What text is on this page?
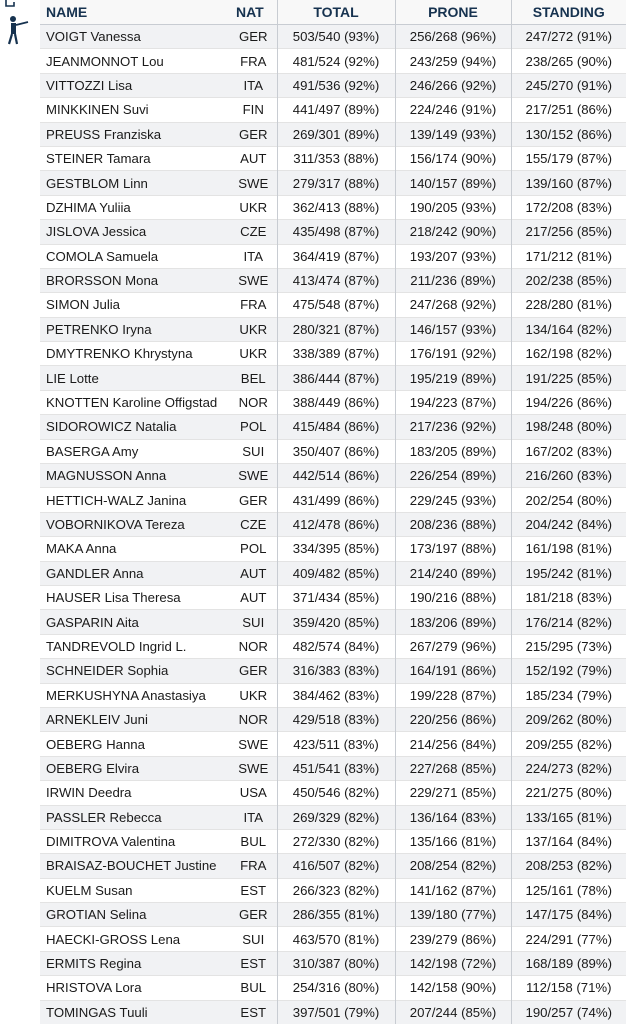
NAME	NAT	TOTAL	PRONE	STANDING
VOIGT Vanessa	GER	503/540 (93%)	256/268 (96%)	247/272 (91%)
JEANMONNOT Lou	FRA	481/524 (92%)	243/259 (94%)	238/265 (90%)
VITTOZZI Lisa	ITA	491/536 (92%)	246/266 (92%)	245/270 (91%)
MINKKINEN Suvi	FIN	441/497 (89%)	224/246 (91%)	217/251 (86%)
PREUSS Franziska	GER	269/301 (89%)	139/149 (93%)	130/152 (86%)
STEINER Tamara	AUT	311/353 (88%)	156/174 (90%)	155/179 (87%)
GESTBLOM Linn	SWE	279/317 (88%)	140/157 (89%)	139/160 (87%)
DZHIMA Yuliia	UKR	362/413 (88%)	190/205 (93%)	172/208 (83%)
JISLOVA Jessica	CZE	435/498 (87%)	218/242 (90%)	217/256 (85%)
COMOLA Samuela	ITA	364/419 (87%)	193/207 (93%)	171/212 (81%)
BRORSSON Mona	SWE	413/474 (87%)	211/236 (89%)	202/238 (85%)
SIMON Julia	FRA	475/548 (87%)	247/268 (92%)	228/280 (81%)
PETRENKO Iryna	UKR	280/321 (87%)	146/157 (93%)	134/164 (82%)
DMYTRENKO Khrystyna	UKR	338/389 (87%)	176/191 (92%)	162/198 (82%)
LIE Lotte	BEL	386/444 (87%)	195/219 (89%)	191/225 (85%)
KNOTTEN Karoline Offigstad	NOR	388/449 (86%)	194/223 (87%)	194/226 (86%)
SIDOROWICZ Natalia	POL	415/484 (86%)	217/236 (92%)	198/248 (80%)
BASERGA Amy	SUI	350/407 (86%)	183/205 (89%)	167/202 (83%)
MAGNUSSON Anna	SWE	442/514 (86%)	226/254 (89%)	216/260 (83%)
HETTICH-WALZ Janina	GER	431/499 (86%)	229/245 (93%)	202/254 (80%)
VOBORNIKOVA Tereza	CZE	412/478 (86%)	208/236 (88%)	204/242 (84%)
MAKA Anna	POL	334/395 (85%)	173/197 (88%)	161/198 (81%)
GANDLER Anna	AUT	409/482 (85%)	214/240 (89%)	195/242 (81%)
HAUSER Lisa Theresa	AUT	371/434 (85%)	190/216 (88%)	181/218 (83%)
GASPARIN Aita	SUI	359/420 (85%)	183/206 (89%)	176/214 (82%)
TANDREVOLD Ingrid L.	NOR	482/574 (84%)	267/279 (96%)	215/295 (73%)
SCHNEIDER Sophia	GER	316/383 (83%)	164/191 (86%)	152/192 (79%)
MERKUSHYNA Anastasiya	UKR	384/462 (83%)	199/228 (87%)	185/234 (79%)
ARNEKLEIV Juni	NOR	429/518 (83%)	220/256 (86%)	209/262 (80%)
OEBERG Hanna	SWE	423/511 (83%)	214/256 (84%)	209/255 (82%)
OEBERG Elvira	SWE	451/541 (83%)	227/268 (85%)	224/273 (82%)
IRWIN Deedra	USA	450/546 (82%)	229/271 (85%)	221/275 (80%)
PASSLER Rebecca	ITA	269/329 (82%)	136/164 (83%)	133/165 (81%)
DIMITROVA Valentina	BUL	272/330 (82%)	135/166 (81%)	137/164 (84%)
BRAISAZ-BOUCHET Justine	FRA	416/507 (82%)	208/254 (82%)	208/253 (82%)
KUELM Susan	EST	266/323 (82%)	141/162 (87%)	125/161 (78%)
GROTIAN Selina	GER	286/355 (81%)	139/180 (77%)	147/175 (84%)
HAECKI-GROSS Lena	SUI	463/570 (81%)	239/279 (86%)	224/291 (77%)
ERMITS Regina	EST	310/387 (80%)	142/198 (72%)	168/189 (89%)
HRISTOVA Lora	BUL	254/316 (80%)	142/158 (90%)	112/158 (71%)
TOMINGAS Tuuli	EST	397/501 (79%)	207/244 (85%)	190/257 (74%)
